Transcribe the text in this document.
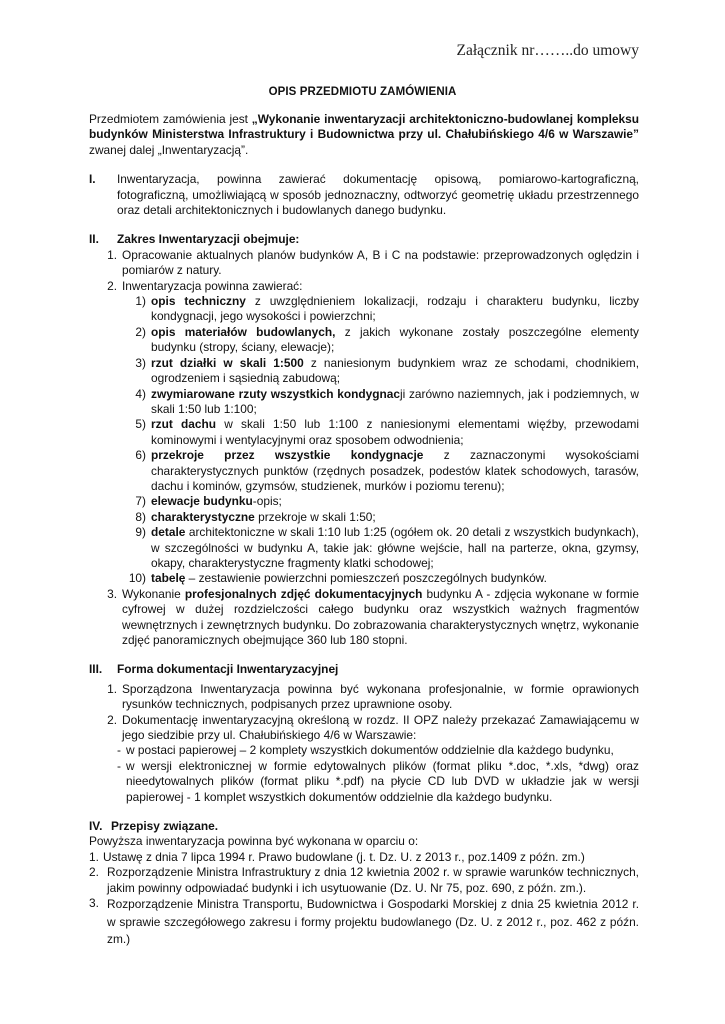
Załącznik nr……..do umowy
OPIS PRZEDMIOTU ZAMÓWIENIA

Przedmiotem zamówienia jest „Wykonanie inwentaryzacji architektoniczno-budowlanej kompleksu budynków Ministerstwa Infrastruktury i Budownictwa przy ul. Chałubińskiego 4/6 w Warszawie” zwanej dalej „Inwentaryzacją”.

I.	Inwentaryzacja, powinna zawierać dokumentację opisową, pomiarowo-kartograficzną, fotograficzną, umożliwiającą w sposób jednoznaczny, odtworzyć geometrię układu przestrzennego oraz detali architektonicznych i budowlanych danego budynku.
II.	Zakres Inwentaryzacji obejmuje:
1. Opracowanie aktualnych planów budynków A, B i C na podstawie: przeprowadzonych oględzin i pomiarów z natury.
2. Inwentaryzacja powinna zawierać:
1) opis techniczny z uwzględnieniem lokalizacji, rodzaju i charakteru budynku, liczby kondygnacji, jego wysokości i powierzchni;
2) opis materiałów budowlanych, z jakich wykonane zostały poszczególne elementy budynku (stropy, ściany, elewacje);
3) rzut działki w skali 1:500 z naniesionym budynkiem wraz ze schodami, chodnikiem, ogrodzeniem i sąsiednią zabudową;
4) zwymiarowane rzuty wszystkich kondygnacji zarówno naziemnych, jak i podziemnych, w skali 1:50 lub 1:100;
5) rzut dachu w skali 1:50 lub 1:100 z naniesionymi elementami więźby, przewodami kominowymi i wentylacyjnymi oraz sposobem odwodnienia;
6) przekroje przez wszystkie kondygnacje z zaznaczonymi wysokościami charakterystycznych punktów (rzędnych posadzek, podestów klatek schodowych, tarasów, dachu i kominów, gzymsów, studzienek, murków i poziomu terenu);
7) elewacje budynku-opis;
8) charakterystyczne przekroje w skali 1:50;
9) detale architektoniczne w skali 1:10 lub 1:25 (ogółem ok. 20 detali z wszystkich budynkach), w szczególności w budynku A, takie jak: główne wejście, hall na parterze, okna, gzymsy, okapy, charakterystyczne fragmenty klatki schodowej;
10) tabelę – zestawienie powierzchni pomieszczeń poszczególnych budynków.
3. Wykonanie profesjonalnych zdjęć dokumentacyjnych budynku A - zdjęcia wykonane w formie cyfrowej w dużej rozdzielczości całego budynku oraz wszystkich ważnych fragmentów wewnętrznych i zewnętrznych budynku. Do zobrazowania charakterystycznych wnętrz, wykonanie zdjęć panoramicznych obejmujące 360 lub 180 stopni.
III.	Forma dokumentacji Inwentaryzacyjnej
1. Sporządzona Inwentaryzacja powinna być wykonana profesjonalnie, w formie oprawionych rysunków technicznych, podpisanych przez uprawnione osoby.
2. Dokumentację inwentaryzacyjną określoną w rozdz. II OPZ należy przekazać Zamawiającemu w jego siedzibie przy ul. Chałubińskiego 4/6 w Warszawie:
- w postaci papierowej – 2 komplety wszystkich dokumentów oddzielnie dla każdego budynku,
- w wersji elektronicznej w formie edytowalnych plików (format pliku *.doc, *.xls, *dwg) oraz nieedytowalnych plików (format pliku *.pdf) na płycie CD lub DVD w układzie jak w wersji papierowej - 1 komplet wszystkich dokumentów oddzielnie dla każdego budynku.
IV. Przepisy związane.

Powyższa inwentaryzacja powinna być wykonana w oparciu o:

1. Ustawę z dnia 7 lipca 1994 r. Prawo budowlane (j. t. Dz. U. z 2013 r., poz.1409 z późn. zm.)
2. Rozporządzenie Ministra Infrastruktury z dnia 12 kwietnia 2002 r. w sprawie warunków technicznych, jakim powinny odpowiadać budynki i ich usytuowanie (Dz. U. Nr 75, poz. 690, z późn. zm.).
3. Rozporządzenie Ministra Transportu, Budownictwa i Gospodarki Morskiej z dnia 25 kwietnia 2012 r. w sprawie szczegółowego zakresu i formy projektu budowlanego (Dz. U. z 2012 r., poz. 462 z późn. zm.)
